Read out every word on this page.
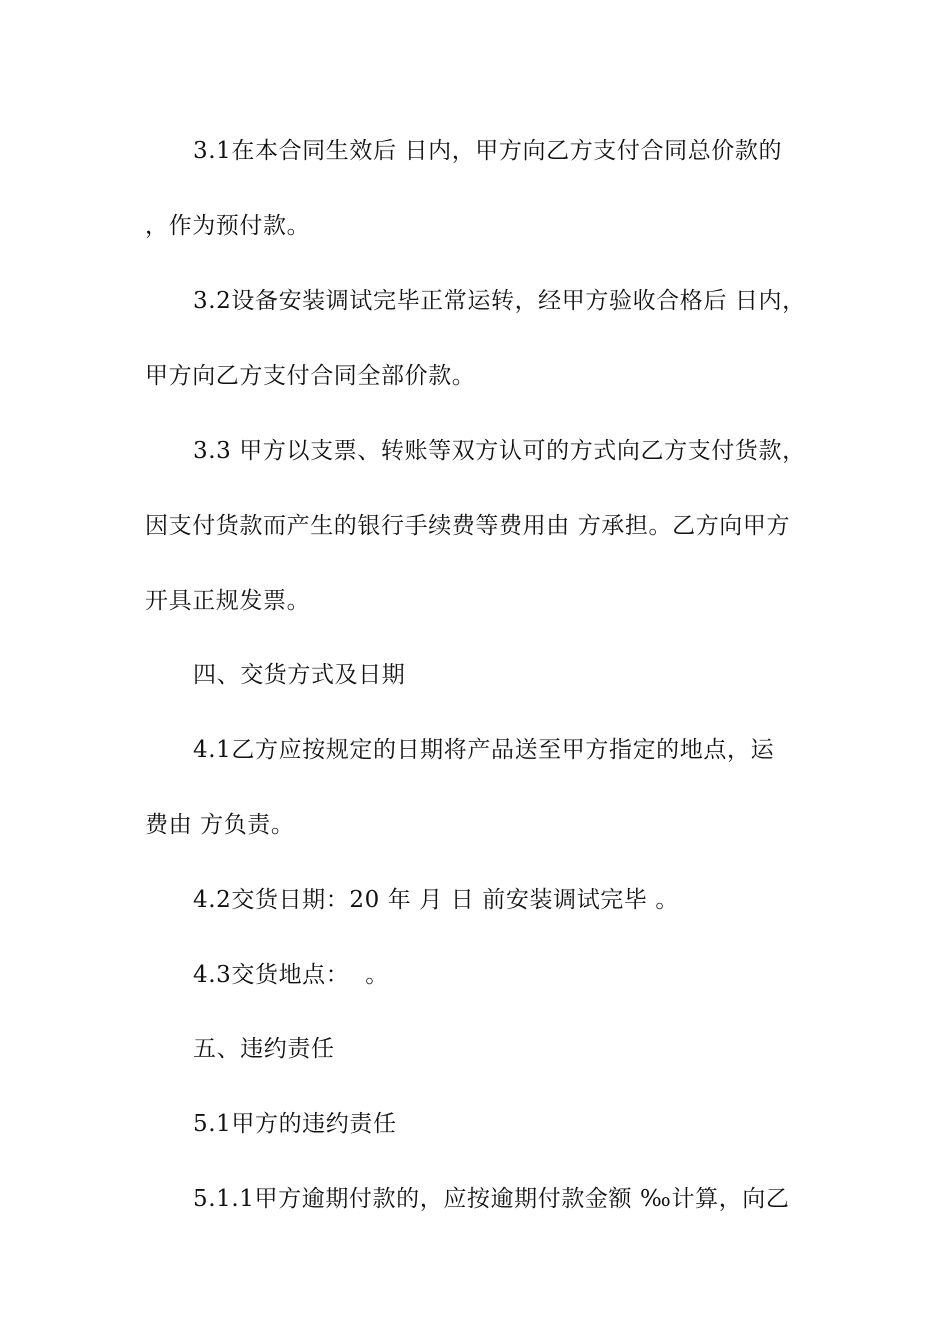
3.1在本合同生效后 日内，甲方向乙方支付合同总价款的
，作为预付款。
3.2设备安装调试完毕正常运转，经甲方验收合格后 日内，
甲方向乙方支付合同全部价款。
3.3 甲方以支票、转账等双方认可的方式向乙方支付货款，
因支付货款而产生的银行手续费等费用由 方承担。乙方向甲方
开具正规发票。
四、交货方式及日期
4.1乙方应按规定的日期将产品送至甲方指定的地点，运
费由 方负责。
4.2交货日期：20 年 月 日 前安装调试完毕 。
4.3交货地点：  。
五、违约责任
5.1甲方的违约责任
5.1.1甲方逾期付款的，应按逾期付款金额 ‰计算，向乙
